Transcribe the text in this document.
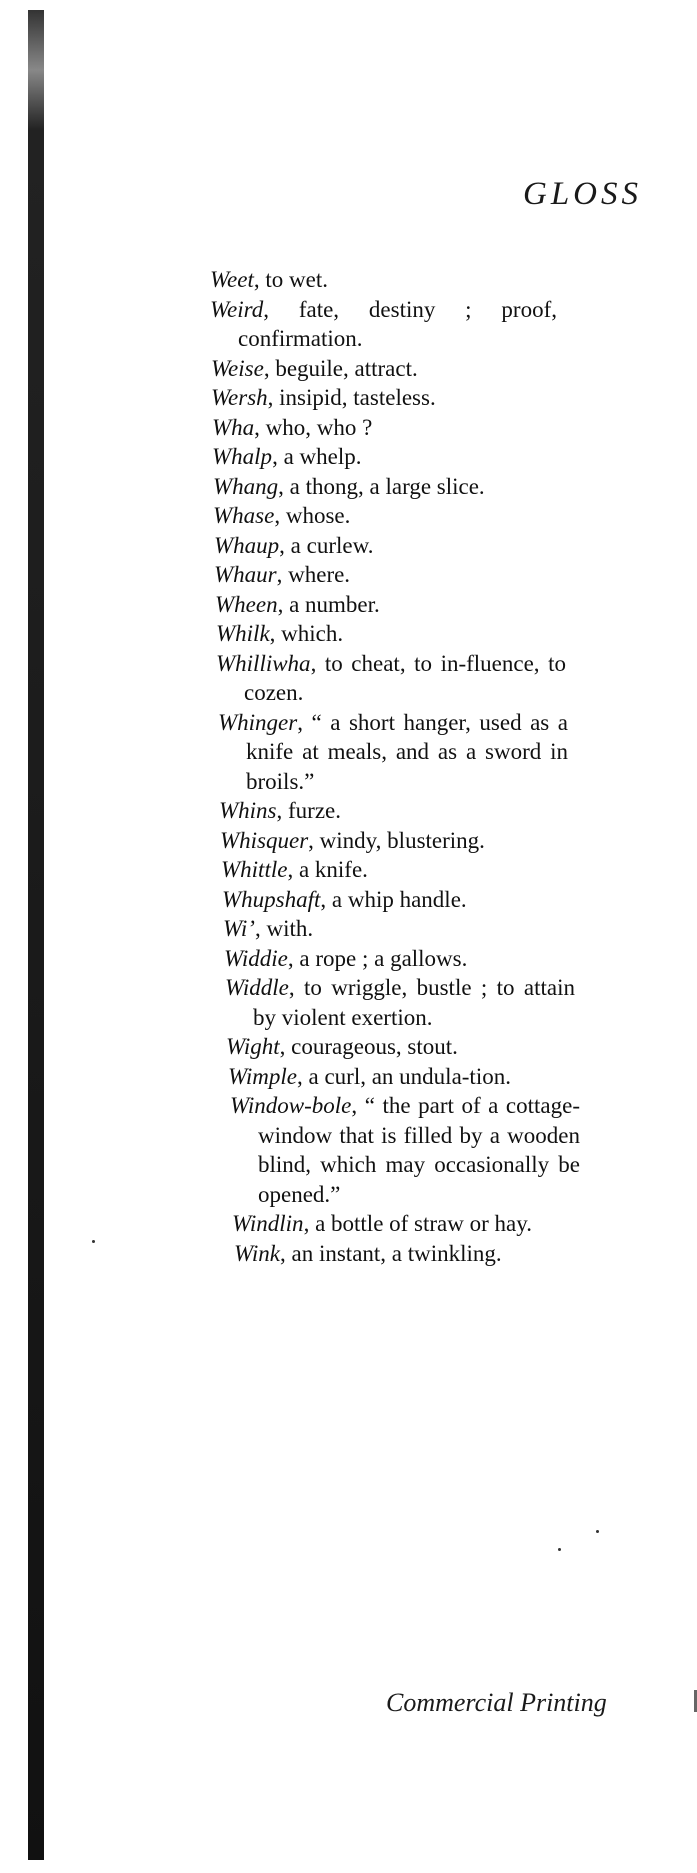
GLOSS

Weet, to wet.

Weird, fate, destiny ; proof, confirmation.

Weise, beguile, attract.

Wersh, insipid, tasteless.

Wha, who, who ?

Whalp, a whelp.

Whang, a thong, a large slice.

Whase, whose.

Whaup, a curlew.

Whaur, where.

Wheen, a number.

Whilk, which.

Whilliwha, to cheat, to in-fluence, to cozen.

Whinger, “ a short hanger, used as a knife at meals, and as a sword in broils.”

Whins, furze.

Whisquer, windy, blustering.

Whittle, a knife.

Whupshaft, a whip handle.

Wi’, with.

Widdie, a rope ; a gallows.

Widdle, to wriggle, bustle ; to attain by violent exertion.

Wight, courageous, stout.

Wimple, a curl, an undula-tion.

Window-bole, “ the part of a cottage-window that is filled by a wooden blind, which may occasionally be opened.”

Windlin, a bottle of straw or hay.

Wink, an instant, a twinkling.

Commercial Printing
